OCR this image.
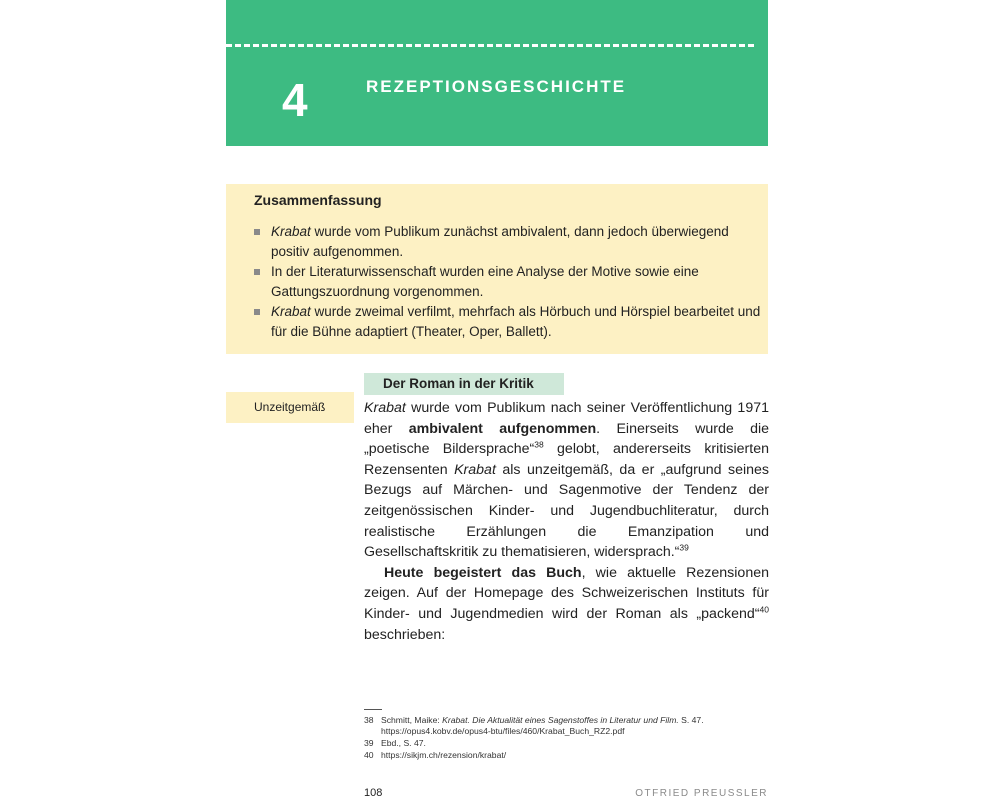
4	REZEPTIONSGESCHICHTE
Zusammenfassung
Krabat wurde vom Publikum zunächst ambivalent, dann jedoch überwiegend positiv aufgenommen.
In der Literaturwissenschaft wurden eine Analyse der Motive sowie eine Gattungszuordnung vorgenommen.
Krabat wurde zweimal verfilmt, mehrfach als Hörbuch und Hörspiel bearbeitet und für die Bühne adaptiert (Theater, Oper, Ballett).
Der Roman in der Kritik
Unzeitgemäß	Krabat wurde vom Publikum nach seiner Veröffentlichung 1971 eher ambivalent aufgenommen. Einerseits wurde die „poetische Bildersprache“$^{38}$ gelobt, andererseits kritisierten Rezensenten Krabat als unzeitgemäß, da er „aufgrund seines Bezugs auf Märchen- und Sagenmotive der Tendenz der zeitgenössischen Kinder- und Jugendbuchliteratur, durch realistische Erzählungen die Emanzipation und Gesellschaftskritik zu thematisieren, widersprach.“$^{39}$

Heute begeistert das Buch, wie aktuelle Rezensionen zeigen. Auf der Homepage des Schweizerischen Instituts für Kinder- und Jugendmedien wird der Roman als „packend“$^{40}$ beschrieben:

38 Schmitt, Maike: Krabat. Die Aktualität eines Sagenstoffes in Literatur und Film. S. 47.
https://opus4.kobv.de/opus4-btu/files/460/Krabat_Buch_RZ2.pdf
39 Ebd., S. 47.
40 https://sikjm.ch/rezension/krabat/
108	OTFRIED PREUSSLER
